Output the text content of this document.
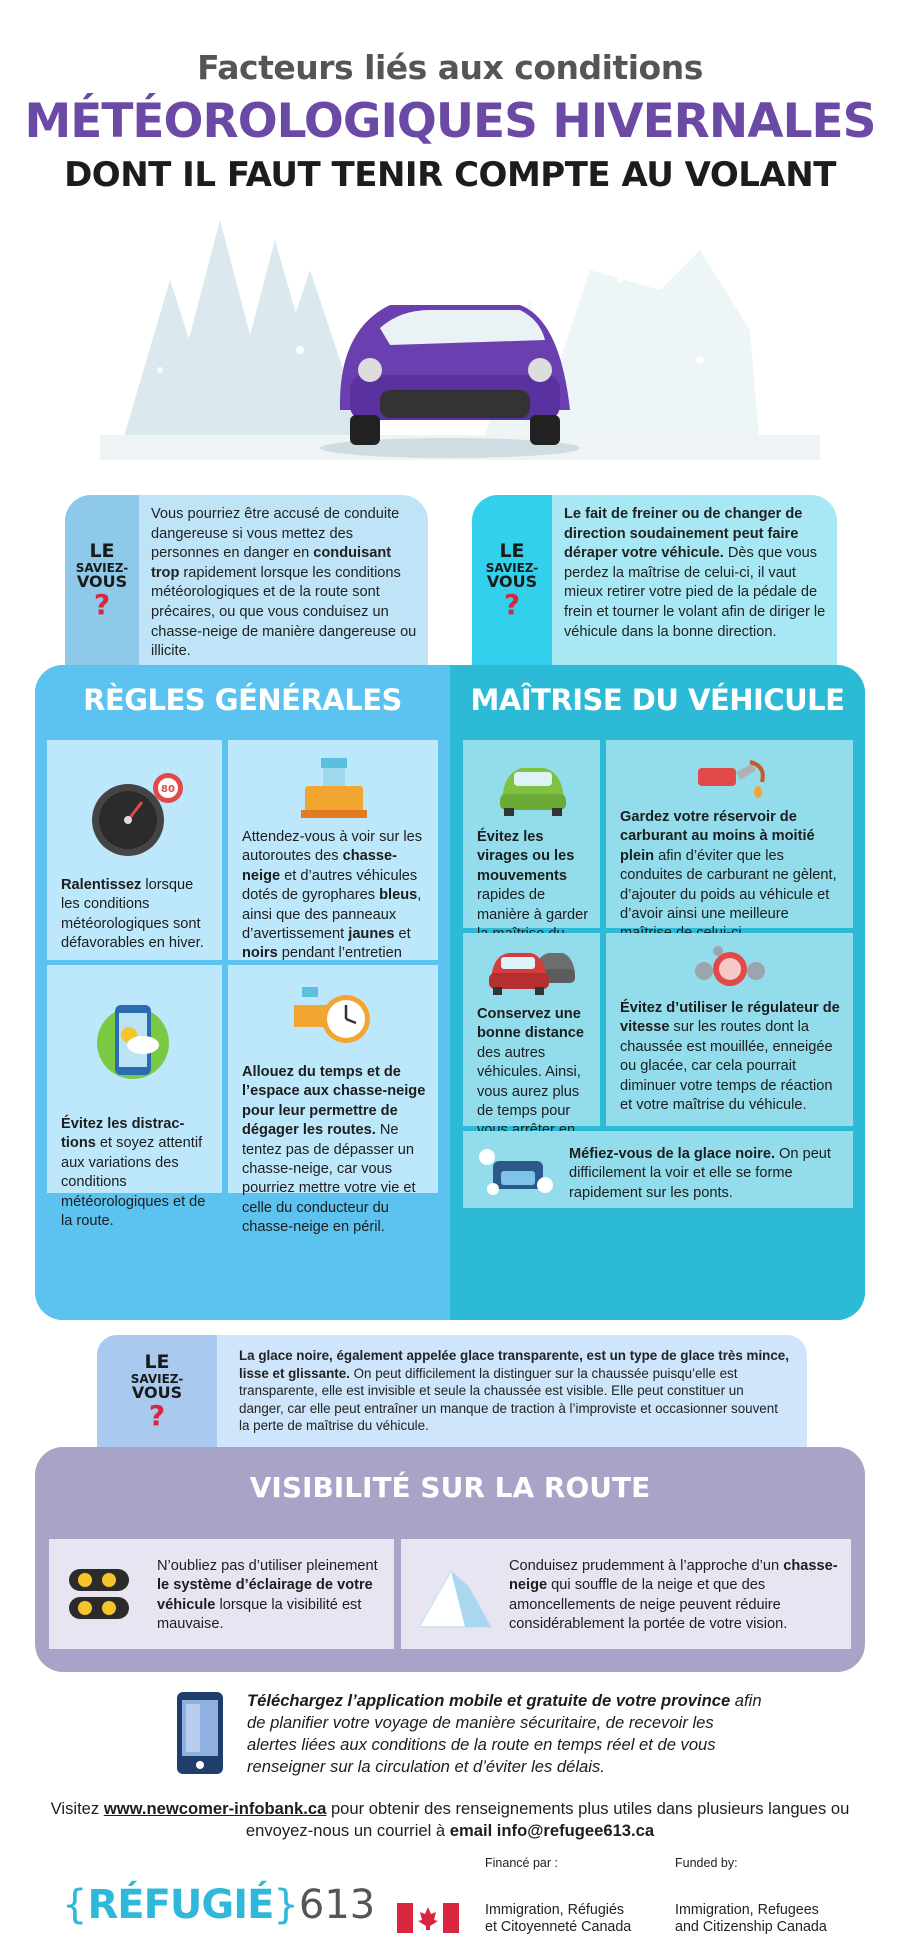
Facteurs liés aux conditions
MÉTÉOROLOGIQUES HIVERNALES
DONT IL FAUT TENIR COMPTE AU VOLANT
LE
SAVIEZ-
VOUS
?
Vous pourriez être accusé de conduite dangereuse si vous mettez des personnes en danger en conduisant trop rapidement lorsque les conditions météorologiques et de la route sont précaires, ou que vous conduisez un chasse-neige de manière dangereuse ou illicite.
LE
SAVIEZ-
VOUS
?
Le fait de freiner ou de changer de direction soudainement peut faire déraper votre véhicule. Dès que vous perdez la maîtrise de celui-ci, il vaut mieux retirer votre pied de la pédale de frein et tourner le volant afin de diriger le véhicule dans la bonne direction.
RÈGLES GÉNÉRALES	MAÎTRISE DU VÉHICULE
80
Ralentissez lorsque les conditions météorologiques sont défavorables en hiver.
Attendez-vous à voir sur les autoroutes des chasse-neige et d’autres véhicules dotés de gyrophares bleus, ainsi que des panneaux d’avertissement jaunes et noirs pendant l’entretien
Évitez les distractions et soyez attentif aux variations des conditions météorologiques et de la route.
Allouez du temps et de l’espace aux chasse-neige pour leur permettre de dégager les routes. Ne tentez pas de dépasser un chasse-neige, car vous pourriez mettre votre vie et celle du conducteur du chasse-neige en péril.
Évitez les virages ou les mouvements rapides de manière à garder
Gardez votre réservoir de carburant au moins à moitié plein afin d’éviter que les conduites de carburant ne gèlent, d’ajouter du poids au véhicule et d’avoir ainsi une meilleure
Conservez une bonne distance des autres véhicules. Ainsi, vous aurez plus de temps pour
Évitez d’utiliser le régulateur de vitesse sur les routes dont la chaussée est mouillée, enneigée ou glacée, car cela pourrait diminuer votre temps de réaction et votre maîtrise du véhicule.
Méfiez-vous de la glace noire. On peut difficilement la voir et elle se forme rapidement sur les ponts.
LE
SAVIEZ-
VOUS
?
La glace noire, également appelée glace transparente, est un type de glace très mince, lisse et glissante. On peut difficilement la distinguer sur la chaussée puisqu’elle est transparente, elle est invisible et seule la chaussée est visible. Elle peut constituer un danger, car elle peut entraîner un manque de traction à l’improviste et occasionner souvent la perte de maîtrise du véhicule.
VISIBILITÉ SUR LA ROUTE
N’oubliez pas d’utiliser pleinement le système d’éclairage de votre véhicule lorsque la visibilité est mauvaise.
Conduisez prudemment à l’approche d’un chasse-neige qui souffle de la neige et que des amoncellements de neige peuvent réduire considérablement la portée de votre vision.
Téléchargez l’application mobile et gratuite de votre province afin de planifier votre voyage de manière sécuritaire, de recevoir les alertes liées aux conditions de la route en temps réel et de vous renseigner sur la circulation et d’éviter les délais.
Visitez www.newcomer-infobank.ca pour obtenir des renseignements plus utiles dans plusieurs langues ou envoyez-nous un courriel à email info@refugee613.ca
{RÉFUGIÉ}613
Financé par :	Funded by:
Immigration, Réfugiés
et Citoyenneté Canada
Immigration, Refugees
and Citizenship Canada
